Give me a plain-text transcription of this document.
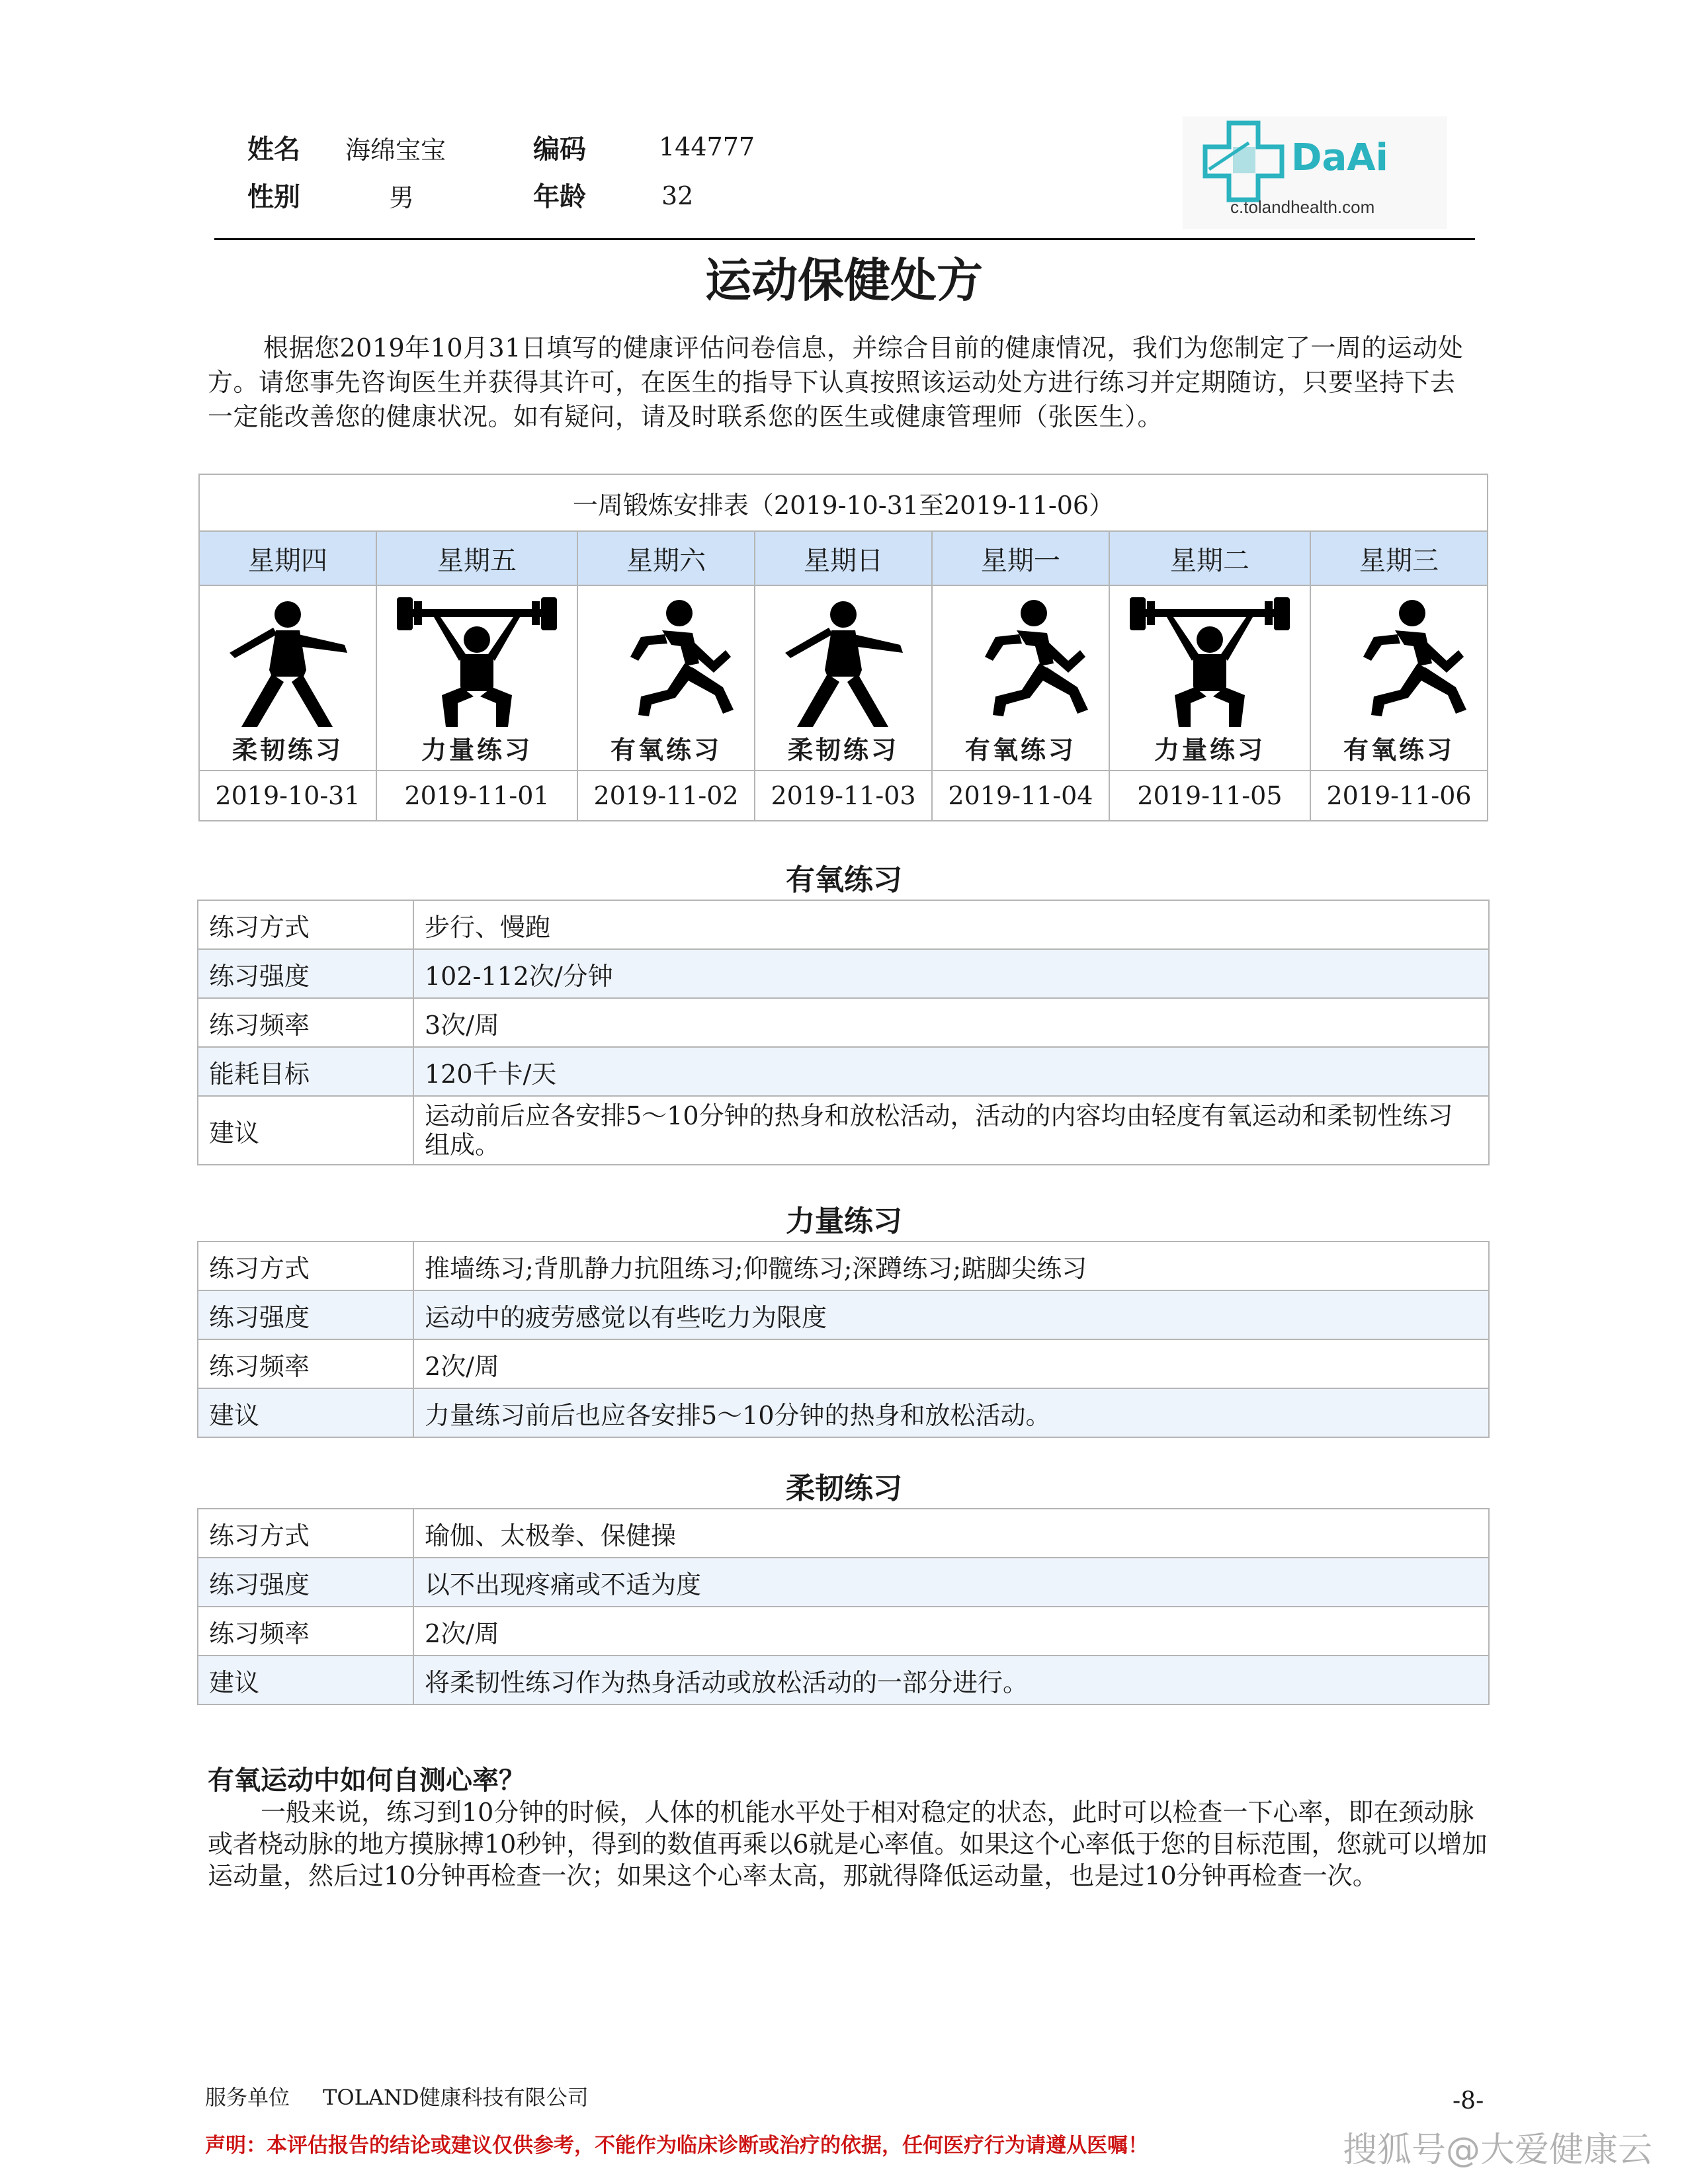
姓名 海绵宝宝	编码	144777
性别	男	年龄	32
DaAi
c.tolandhealth.com
运动保健处方
根据您2019年10月31日填写的健康评估问卷信息，并综合目前的健康情况，我们为您制定了一周的运动处方。请您事先咨询医生并获得其许可，在医生的指导下认真按照该运动处方进行练习并定期随访，只要坚持下去一定能改善您的健康状况。如有疑问，请及时联系您的医生或健康管理师（张医生）。
一周锻炼安排表（2019-10-31至2019-11-06）						
星期四	星期五	星期六	星期日	星期一	星期二	星期三

柔韧练习	力量练习	有氧练习	柔韧练习	有氧练习	力量练习	有氧练习

2019-10-31	2019-11-01	2019-11-02	2019-11-03	2019-11-04	2019-11-05	2019-11-06
有氧练习
练习方式	步行、慢跑
练习强度	102-112次/分钟
练习频率	3次/周
能耗目标	120千卡/天
建议	运动前后应各安排5～10分钟的热身和放松活动，活动的内容均由轻度有氧运动和柔韧性练习组成。
力量练习
练习方式	推墙练习;背肌静力抗阻练习;仰髋练习;深蹲练习;踮脚尖练习
练习强度	运动中的疲劳感觉以有些吃力为限度
练习频率	2次/周
建议	力量练习前后也应各安排5～10分钟的热身和放松活动。
柔韧练习
练习方式	瑜伽、太极拳、保健操
练习强度	以不出现疼痛或不适为度
练习频率	2次/周
建议	将柔韧性练习作为热身活动或放松活动的一部分进行。
有氧运动中如何自测心率？
一般来说，练习到10分钟的时候，人体的机能水平处于相对稳定的状态，此时可以检查一下心率，即在颈动脉或者桡动脉的地方摸脉搏10秒钟，得到的数值再乘以6就是心率值。如果这个心率低于您的目标范围，您就可以增加运动量，然后过10分钟再检查一次；如果这个心率太高，那就得降低运动量，也是过10分钟再检查一次。
服务单位 TOLAND健康科技有限公司	-8-
声明：本评估报告的结论或建议仅供参考，不能作为临床诊断或治疗的依据，任何医疗行为请遵从医嘱！	搜狐号@大爱健康云
